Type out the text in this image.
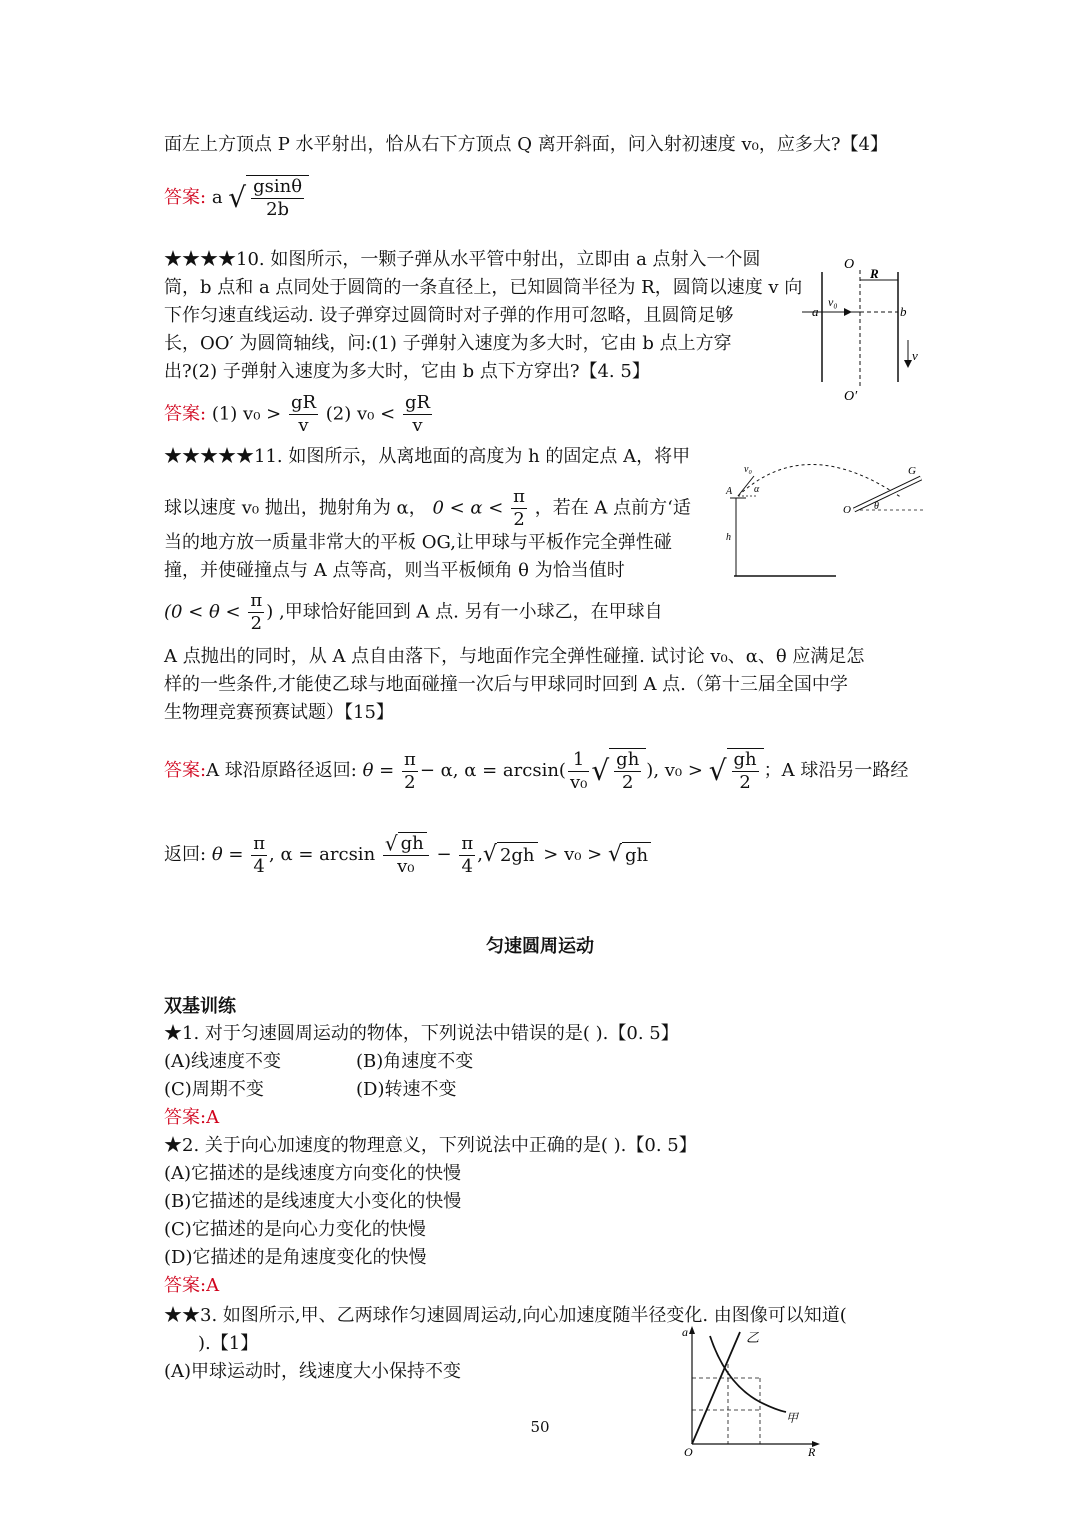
面左上方顶点 P 水平射出，恰从右下方顶点 Q 离开斜面，问入射初速度 v₀，应多大?【4】
答案: a √ $\frac{gsin\theta}{2b}$
★★★★10. 如图所示，一颗子弹从水平管中射出，立即由 a 点射入一个圆
筒，b 点和 a 点同处于圆筒的一条直径上，已知圆筒半径为 R，圆筒以速度 v 向
下作匀速直线运动. 设子弹穿过圆筒时对子弹的作用可忽略，且圆筒足够
长，OO′ 为圆筒轴线，问:(1) 子弹射入速度为多大时，它由 b 点上方穿
出?(2) 子弹射入速度为多大时，它由 b 点下方穿出?【4. 5】
答案: (1) $v_0 > \frac{gR}{v} (2) v_0 < \frac{gR}{v}$
O
R
v₀
a	b
v
O′
★★★★★11. 如图所示，从离地面的高度为 h 的固定点 A，将甲
球以速度 v₀ 抛出，抛射角为 α， $0 < \alpha < \frac{\pi}{2}$ ，若在 A 点前方‘适
当的地方放一质量非常大的平板 OG,让甲球与平板作完全弹性碰
撞，并使碰撞点与 A 点等高，则当平板倾角 θ 为恰当值时
($0 < \theta < \frac{\pi}{2}$ ) ,甲球恰好能回到 A 点. 另有一小球乙，在甲球自
A 点抛出的同时，从 A 点自由落下，与地面作完全弹性碰撞. 试讨论 v₀、α、θ 应满足怎
样的一些条件,才能使乙球与地面碰撞一次后与甲球同时回到 A 点.（第十三届全国中学
生物理竞赛预赛试题）【15】
v₀
A α
G
O θ
h
答案:A 球沿原路径返回: $\theta = \frac{\pi}{2} - \alpha$, $\alpha = \arcsin( \frac{1}{\text{v₀}}$ √ $\frac{gh}{2}$ ), v₀ > √ $\frac{gh}{2}$ ；A 球沿另一路经
返回: $\theta = \frac{\pi}{4}$ , $\alpha = \arcsin \frac{√ gh}{\text{v₀}} - \frac{\pi}{4}$ ,√ 2gh > v₀ > √ gh
匀速圆周运动
双基训练
★1. 对于匀速圆周运动的物体，下列说法中错误的是( ).【0. 5】
(A)线速度不变	(B)角速度不变
(C)周期不变	(D)转速不变
答案:A
★2. 关于向心加速度的物理意义，下列说法中正确的是( ).【0. 5】
(A)它描述的是线速度方向变化的快慢
(B)它描述的是线速度大小变化的快慢
(C)它描述的是向心力变化的快慢
(D)它描述的是角速度变化的快慢
答案:A
★★3. 如图所示,甲、乙两球作匀速圆周运动,向心加速度随半径变化. 由图像可以知道(
).【1】
(A)甲球运动时，线速度大小保持不变
a	乙
甲
O	R
50
